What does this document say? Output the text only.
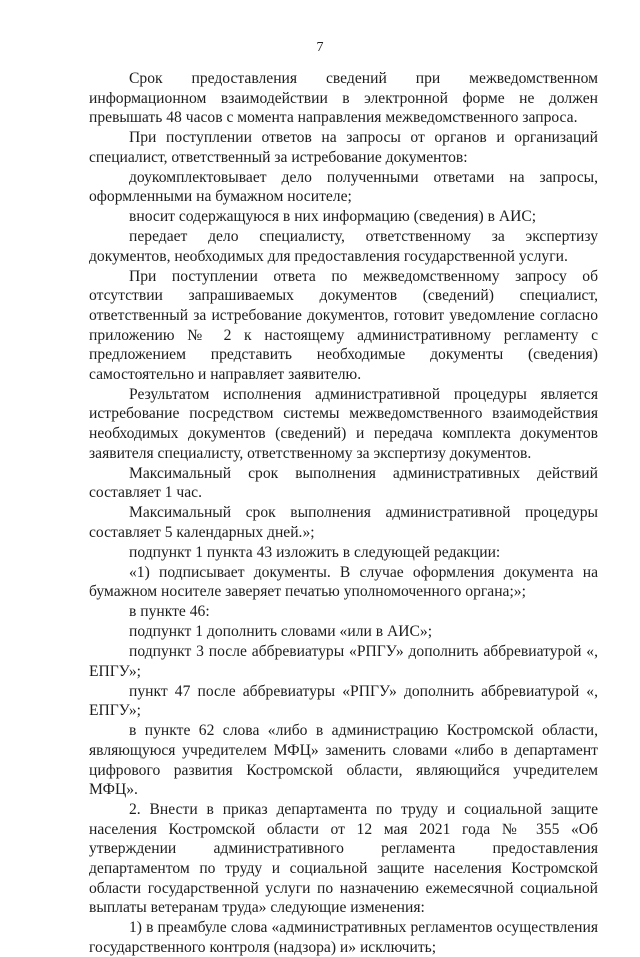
7

Срок предоставления сведений при межведомственном информационном взаимодействии в электронной форме не должен превышать 48 часов с момента направления межведомственного запроса.

При поступлении ответов на запросы от органов и организаций специалист, ответственный за истребование документов:

доукомплектовывает дело полученными ответами на запросы, оформленными на бумажном носителе;

вносит содержащуюся в них информацию (сведения) в АИС;

передает дело специалисту, ответственному за экспертизу документов, необходимых для предоставления государственной услуги.

При поступлении ответа по межведомственному запросу об отсутствии запрашиваемых документов (сведений) специалист, ответственный за истребование документов, готовит уведомление согласно приложению № 2 к настоящему административному регламенту с предложением представить необходимые документы (сведения) самостоятельно и направляет заявителю.

Результатом исполнения административной процедуры является истребование посредством системы межведомственного взаимодействия необходимых документов (сведений) и передача комплекта документов заявителя специалисту, ответственному за экспертизу документов.

Максимальный срок выполнения административных действий составляет 1 час.

Максимальный срок выполнения административной процедуры составляет 5 календарных дней.»;

подпункт 1 пункта 43 изложить в следующей редакции:

«1) подписывает документы. В случае оформления документа на бумажном носителе заверяет печатью уполномоченного органа;»;

в пункте 46:

подпункт 1 дополнить словами «или в АИС»;

подпункт 3 после аббревиатуры «РПГУ» дополнить аббревиатурой «, ЕПГУ»;

пункт 47 после аббревиатуры «РПГУ» дополнить аббревиатурой «, ЕПГУ»;

в пункте 62 слова «либо в администрацию Костромской области, являющуюся учредителем МФЦ» заменить словами «либо в департамент цифрового развития Костромской области, являющийся учредителем МФЦ».

2. Внести в приказ департамента по труду и социальной защите населения Костромской области от 12 мая 2021 года № 355 «Об утверждении административного регламента предоставления департаментом по труду и социальной защите населения Костромской области государственной услуги по назначению ежемесячной социальной выплаты ветеранам труда» следующие изменения:

1) в преамбуле слова «административных регламентов осуществления государственного контроля (надзора) и» исключить;
